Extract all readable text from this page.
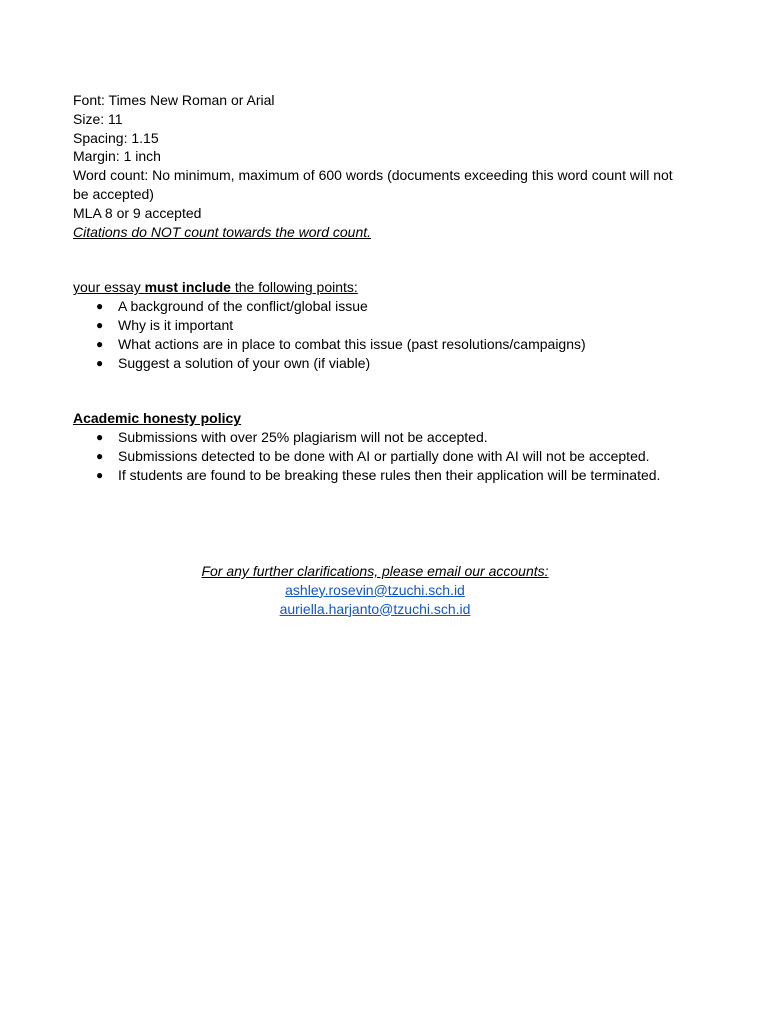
Font: Times New Roman or Arial

Size: 11

Spacing: 1.15

Margin: 1 inch

Word count: No minimum, maximum of 600 words (documents exceeding this word count will not
be accepted)

MLA 8 or 9 accepted

Citations do NOT count towards the word count.

your essay must include the following points:

● A background of the conflict/global issue
● Why is it important
● What actions are in place to combat this issue (past resolutions/campaigns)
● Suggest a solution of your own (if viable)

Academic honesty policy

● Submissions with over 25% plagiarism will not be accepted.
● Submissions detected to be done with AI or partially done with AI will not be accepted.
● If students are found to be breaking these rules then their application will be terminated.

For any further clarifications, please email our accounts:

ashley.rosevin@tzuchi.sch.id

auriella.harjanto@tzuchi.sch.id
